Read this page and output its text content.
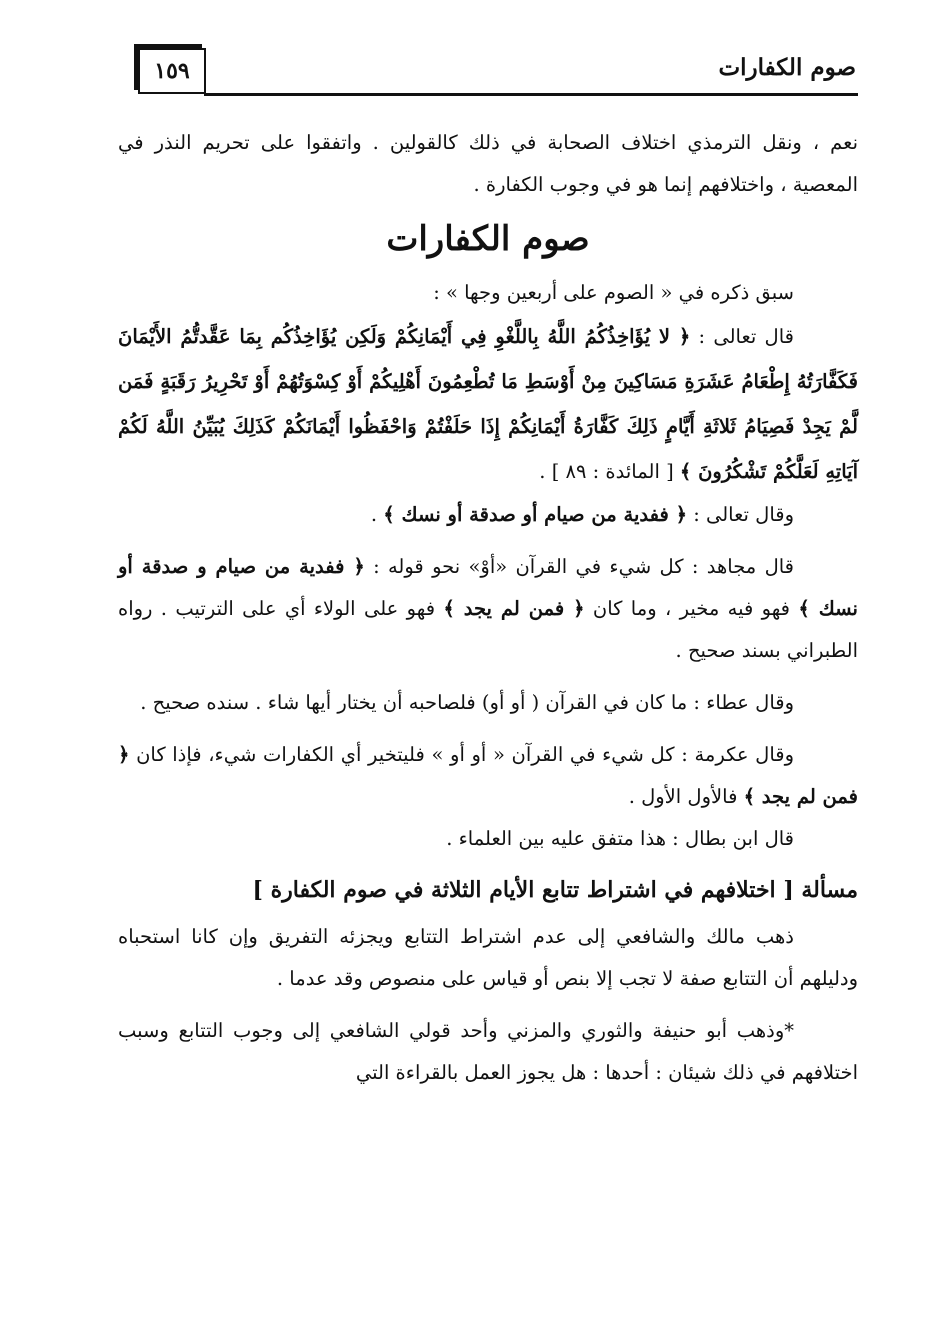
١٥٩	صوم الكفارات

نعم ، ونقل الترمذي اختلاف الصحابة في ذلك كالقولين . واتفقوا على تحريم النذر في المعصية ، واختلافهم إنما هو في وجوب الكفارة .

صوم الكفارات

سبق ذكره في « الصوم على أربعين وجها » :

قال تعالى : ﴿ لا يُؤَاخِذُكُمُ اللَّهُ بِاللَّغْوِ فِي أَيْمَانِكُمْ وَلَكِن يُؤَاخِذُكُم بِمَا عَقَّدتُّمُ الأَيْمَانَ فَكَفَّارَتُهُ إِطْعَامُ عَشَرَةِ مَسَاكِينَ مِنْ أَوْسَطِ مَا تُطْعِمُونَ أَهْلِيكُمْ أَوْ كِسْوَتُهُمْ أَوْ تَحْرِيرُ رَقَبَةٍ فَمَن لَّمْ يَجِدْ فَصِيَامُ ثَلاثَةِ أَيَّامٍ ذَلِكَ كَفَّارَةُ أَيْمَانِكُمْ إِذَا حَلَفْتُمْ وَاحْفَظُوا أَيْمَانَكُمْ كَذَلِكَ يُبَيِّنُ اللَّهُ لَكُمْ آيَاتِهِ لَعَلَّكُمْ تَشْكُرُونَ ﴾ [ المائدة : ٨٩ ] .

وقال تعالى : ﴿ ففدية من صيام أو صدقة أو نسك ﴾ .

قال مجاهد : كل شيء في القرآن «أوْ» نحو قوله : ﴿ ففدية من صيام و صدقة أو نسك ﴾ فهو فيه مخير ، وما كان ﴿ فمن لم يجد ﴾ فهو على الولاء أي على الترتيب . رواه الطبراني بسند صحيح .

وقال عطاء : ما كان في القرآن ( أو أو) فلصاحبه أن يختار أيها شاء . سنده صحيح .

وقال عكرمة : كل شيء في القرآن « أو أو » فليتخير أي الكفارات شيء، فإذا كان ﴿ فمن لم يجد ﴾ فالأول الأول .

قال ابن بطال : هذا متفق عليه بين العلماء .

مسألة [ اختلافهم في اشتراط تتابع الأيام الثلاثة في صوم الكفارة ]

ذهب مالك والشافعي إلى عدم اشتراط التتابع ويجزئه التفريق وإن كانا استحباه ودليلهم أن التتابع صفة لا تجب إلا بنص أو قياس على منصوص وقد عدما .

*وذهب أبو حنيفة والثوري والمزني وأحد قولي الشافعي إلى وجوب التتابع وسبب اختلافهم في ذلك شيئان : أحدها : هل يجوز العمل بالقراءة التي
